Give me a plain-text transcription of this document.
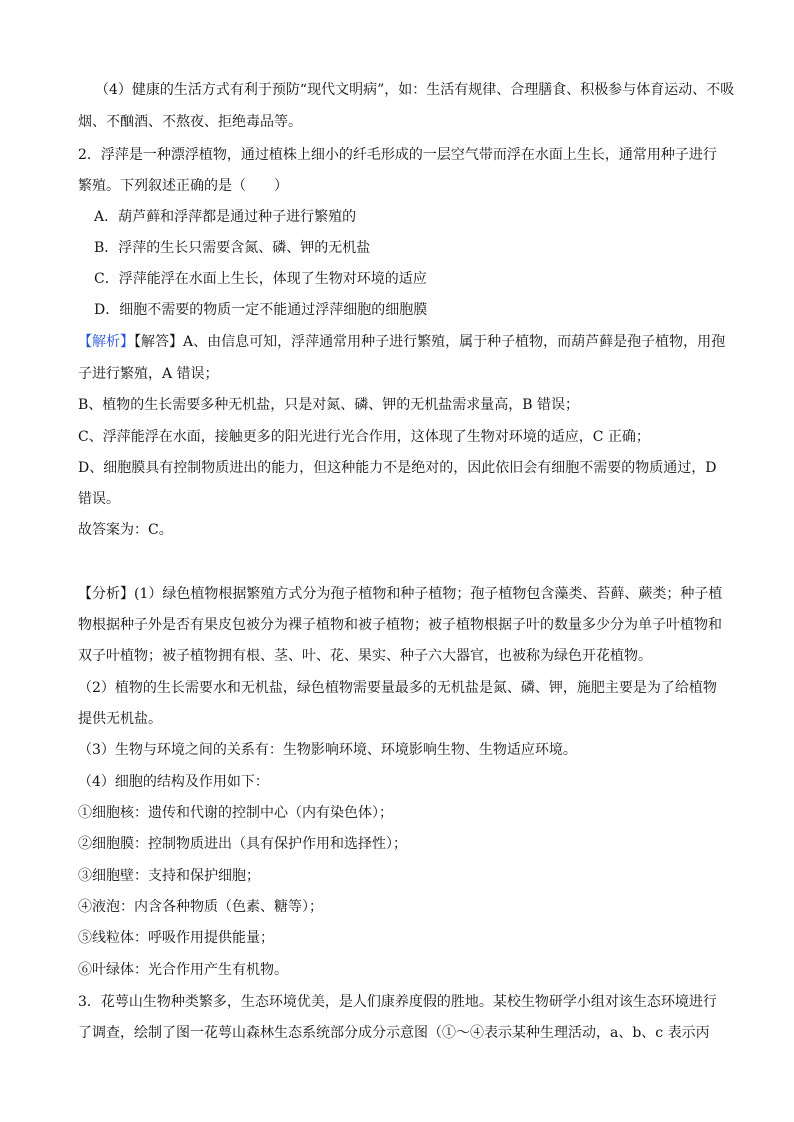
（4）健康的生活方式有利于预防“现代文明病”，如：生活有规律、合理膳食、积极参与体育运动、不吸
烟、不酗酒、不熬夜、拒绝毒品等。
2．浮萍是一种漂浮植物，通过植株上细小的纤毛形成的一层空气带而浮在水面上生长，通常用种子进行
繁殖。下列叙述正确的是（　　）
A．葫芦藓和浮萍都是通过种子进行繁殖的
B．浮萍的生长只需要含氮、磷、钾的无机盐
C．浮萍能浮在水面上生长，体现了生物对环境的适应
D．细胞不需要的物质一定不能通过浮萍细胞的细胞膜
【解析】【解答】A、由信息可知，浮萍通常用种子进行繁殖，属于种子植物，而葫芦藓是孢子植物，用孢
子进行繁殖，A 错误；
B、植物的生长需要多种无机盐，只是对氮、磷、钾的无机盐需求量高，B 错误；
C、浮萍能浮在水面，接触更多的阳光进行光合作用，这体现了生物对环境的适应，C 正确；
D、细胞膜具有控制物质进出的能力，但这种能力不是绝对的，因此依旧会有细胞不需要的物质通过，D
错误。
故答案为：C。
【分析】(1）绿色植物根据繁殖方式分为孢子植物和种子植物；孢子植物包含藻类、苔藓、蕨类；种子植
物根据种子外是否有果皮包被分为裸子植物和被子植物；被子植物根据子叶的数量多少分为单子叶植物和
双子叶植物；被子植物拥有根、茎、叶、花、果实、种子六大器官，也被称为绿色开花植物。
（2）植物的生长需要水和无机盐，绿色植物需要量最多的无机盐是氮、磷、钾，施肥主要是为了给植物
提供无机盐。
（3）生物与环境之间的关系有：生物影响环境、环境影响生物、生物适应环境。
（4）细胞的结构及作用如下：
①细胞核：遗传和代谢的控制中心（内有染色体）；
②细胞膜：控制物质进出（具有保护作用和选择性）；
③细胞壁：支持和保护细胞；
④液泡：内含各种物质（色素、糖等）；
⑤线粒体：呼吸作用提供能量；
⑥叶绿体：光合作用产生有机物。
3．花萼山生物种类繁多，生态环境优美，是人们康养度假的胜地。某校生物研学小组对该生态环境进行
了调查，绘制了图一花萼山森林生态系统部分成分示意图（①～④表示某种生理活动，a、b、c 表示丙
